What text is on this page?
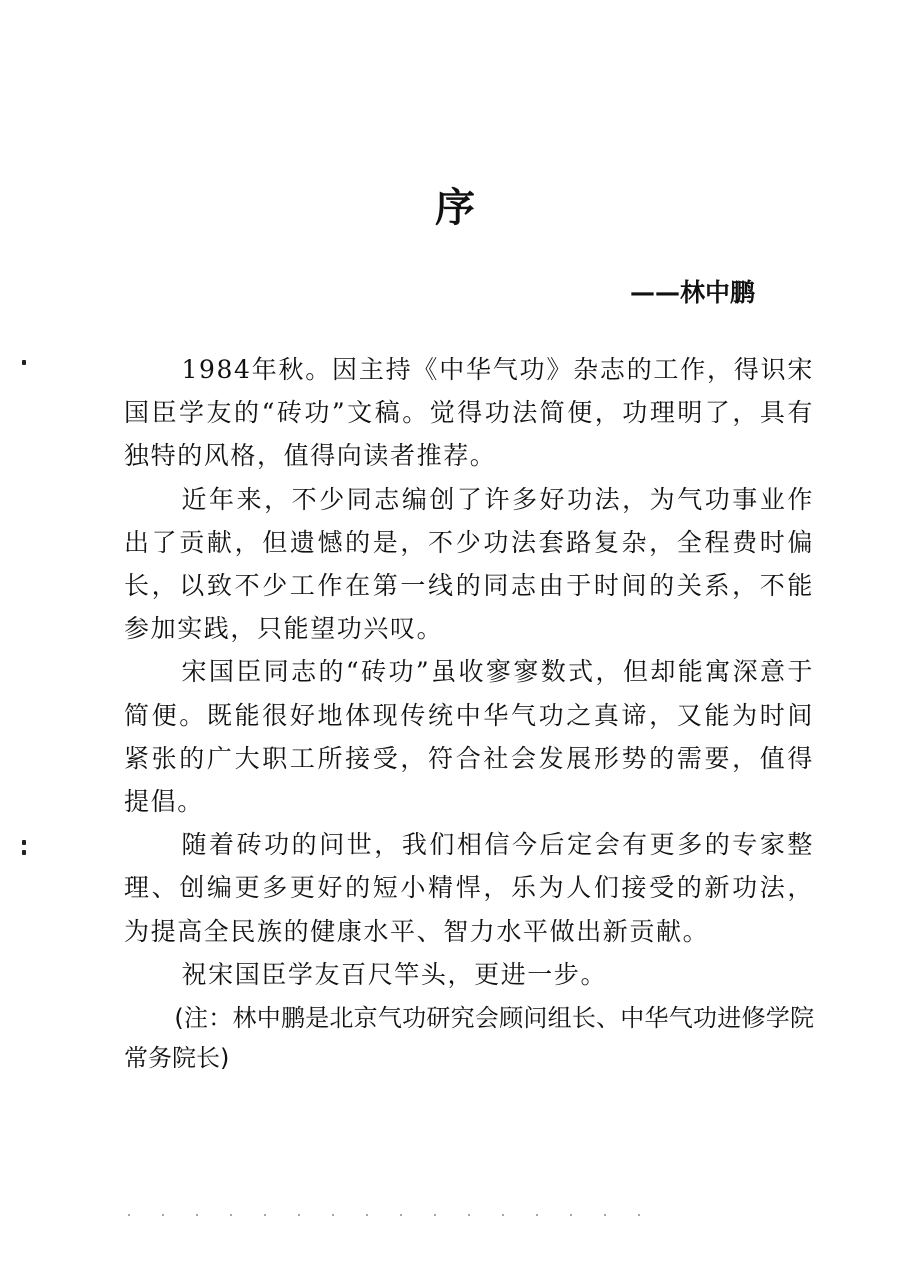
序
——林中鹏

1984年秋。因主持《中华气功》杂志的工作，得识宋国臣学友的“砖功”文稿。觉得功法简便，功理明了，具有独特的风格，值得向读者推荐。

近年来，不少同志编创了许多好功法，为气功事业作出了贡献，但遗憾的是，不少功法套路复杂，全程费时偏长，以致不少工作在第一线的同志由于时间的关系，不能参加实践，只能望功兴叹。

宋国臣同志的“砖功”虽收寥寥数式，但却能寓深意于简便。既能很好地体现传统中华气功之真谛，又能为时间紧张的广大职工所接受，符合社会发展形势的需要，值得提倡。

随着砖功的问世，我们相信今后定会有更多的专家整理、创编更多更好的短小精悍，乐为人们接受的新功法，为提高全民族的健康水平、智力水平做出新贡献。

祝宋国臣学友百尺竿头，更进一步。

(注：林中鹏是北京气功研究会顾问组长、中华气功进修学院常务院长)
